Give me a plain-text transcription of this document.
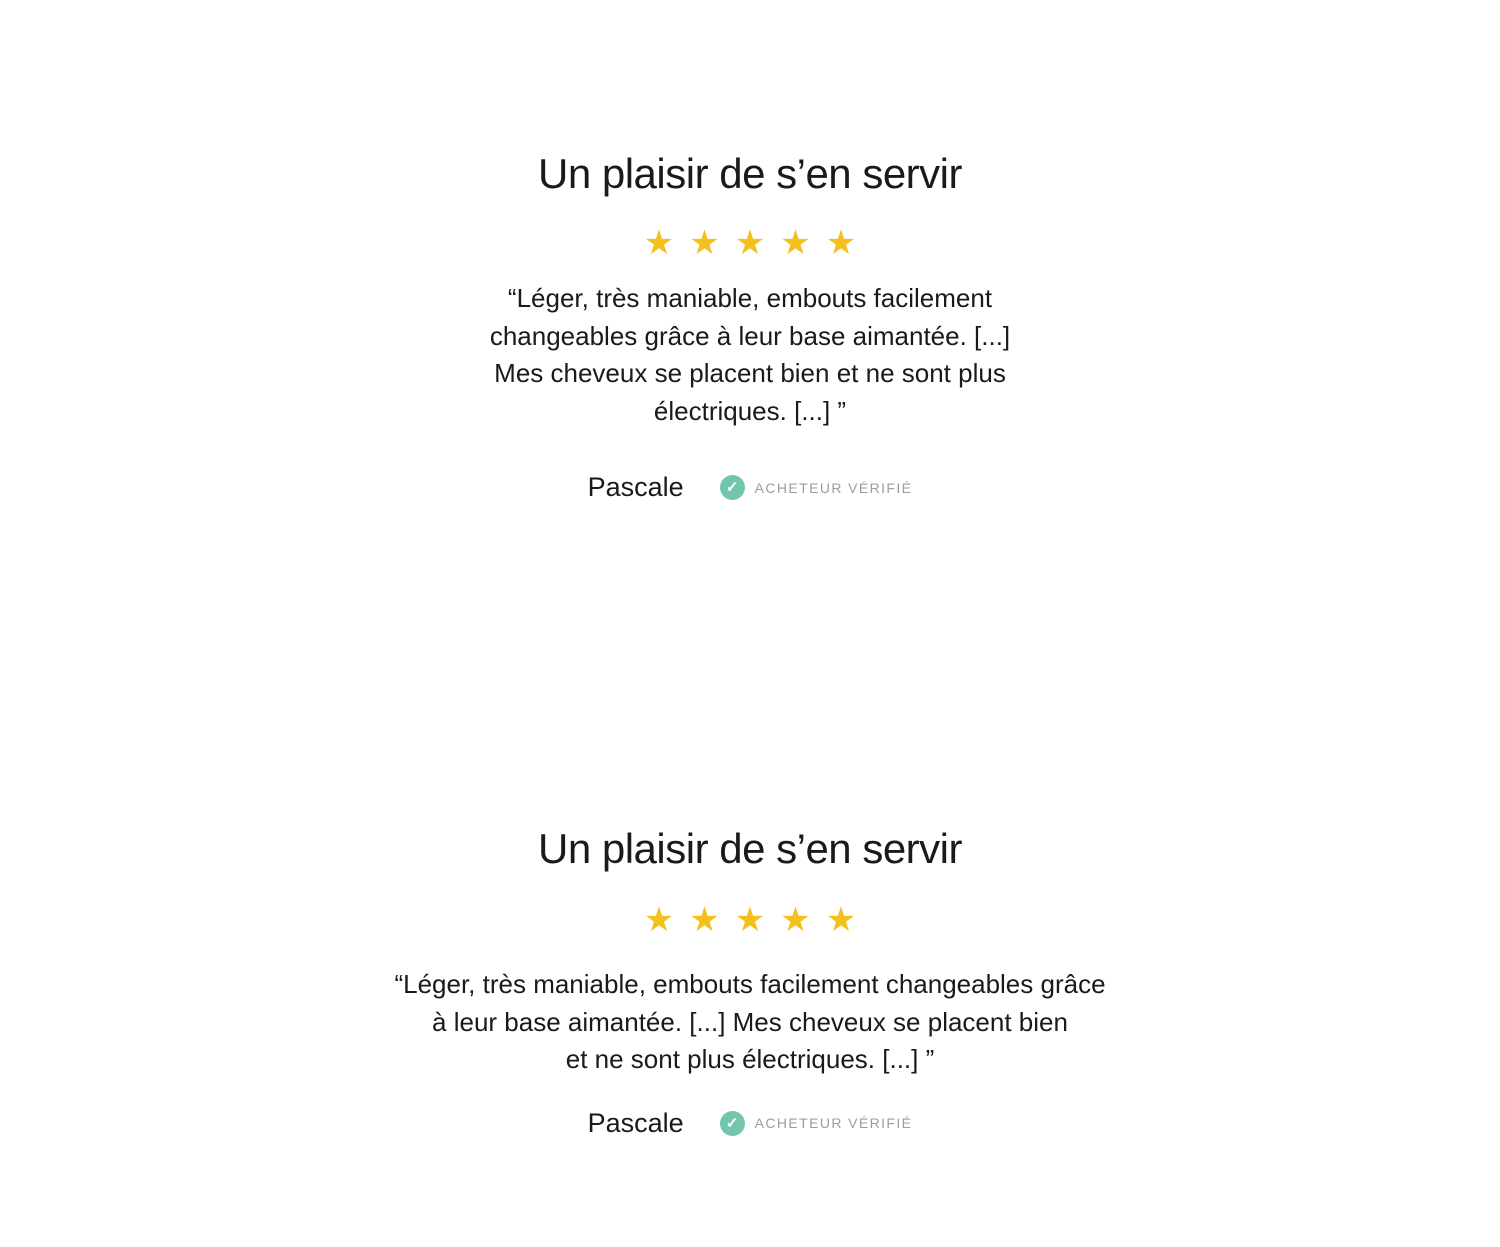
Un plaisir de s’en servir
★★★★★
“Léger, très maniable, embouts facilement
changeables grâce à leur base aimantée. [...]
Mes cheveux se placent bien et ne sont plus
électriques. [...] ”
Pascale	✓	ACHETEUR VÉRIFIÉ
Un plaisir de s’en servir
★★★★★
“Léger, très maniable, embouts facilement changeables grâce
à leur base aimantée. [...] Mes cheveux se placent bien
et ne sont plus électriques. [...] ”
Pascale	✓	ACHETEUR VÉRIFIÉ
